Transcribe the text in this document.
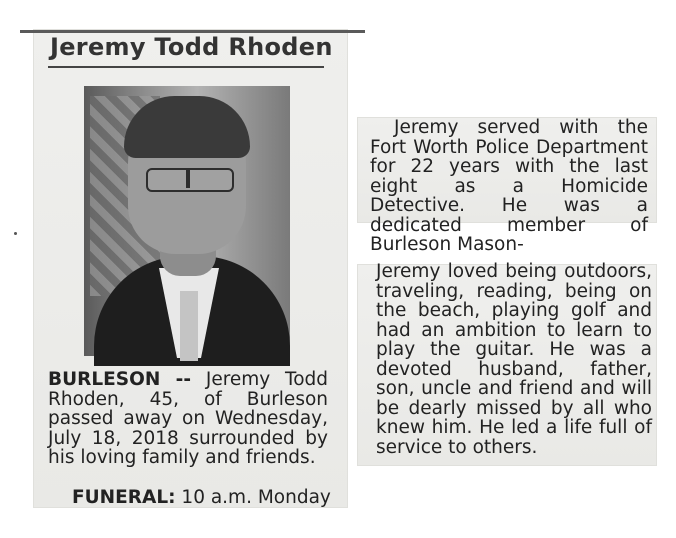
Jeremy Todd Rhoden

BURLESON -- Jeremy Todd Rhoden, 45, of Burleson passed away on Wednesday, July 18, 2018 surrounded by his loving family and friends.

FUNERAL: 10 a.m. Monday

Jeremy served with the Fort Worth Police Department for 22 years with the last eight as a Homicide Detective. He was a dedicated member of Burleson Mason-

Jeremy loved being outdoors, traveling, reading, being on the beach, playing golf and had an ambition to learn to play the guitar. He was a devoted husband, father, son, uncle and friend and will be dearly missed by all who knew him. He led a life full of service to others.
